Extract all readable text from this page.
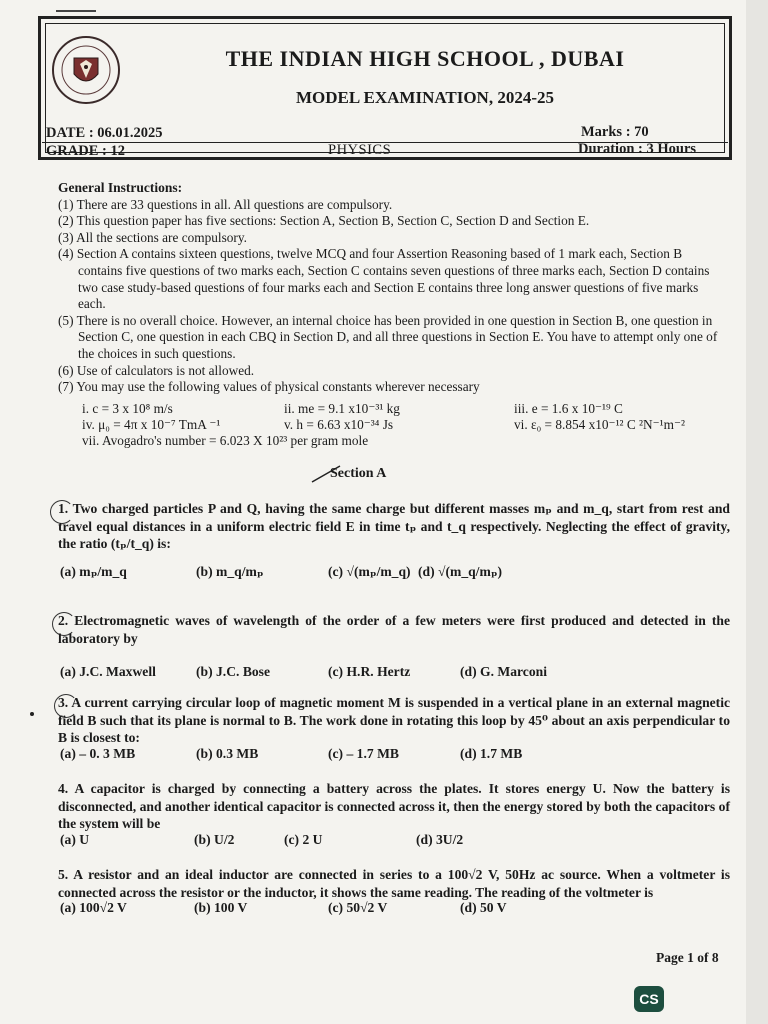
THE INDIAN HIGH SCHOOL , DUBAI
MODEL EXAMINATION, 2024-25
DATE : 06.01.2025
GRADE : 12	PHYSICS
Marks : 70
Duration : 3 Hours
General Instructions:
(1) There are 33 questions in all. All questions are compulsory.
(2) This question paper has five sections: Section A, Section B, Section C, Section D and Section E.
(3) All the sections are compulsory.
(4) Section A contains sixteen questions, twelve MCQ and four Assertion Reasoning based of 1 mark each, Section B contains five questions of two marks each, Section C contains seven questions of three marks each, Section D contains two case study-based questions of four marks each and Section E contains three long answer questions of five marks each.
(5) There is no overall choice. However, an internal choice has been provided in one question in Section B, one question in Section C, one question in each CBQ in Section D, and all three questions in Section E. You have to attempt only one of the choices in such questions.
(6) Use of calculators is not allowed.
(7) You may use the following values of physical constants wherever necessary
i. c = 3 x 10⁸ m/s	ii. me = 9.1 x10⁻³¹ kg	iii. e = 1.6 x 10⁻¹⁹ C
iv. μ₀ = 4π x 10⁻⁷ TmA ⁻¹	v. h = 6.63 x10⁻³⁴ Js	vi. ε₀ = 8.854 x10⁻¹² C ²N⁻¹m⁻²
vii. Avogadro's number = 6.023 X 10²³ per gram mole
Section A
1. Two charged particles P and Q, having the same charge but different masses mₚ and m_q, start from rest and travel equal distances in a uniform electric field E in time tₚ and t_q respectively. Neglecting the effect of gravity, the ratio (tₚ/t_q) is:
(a) mₚ/m_q	(b) m_q/mₚ	(c) √(mₚ/m_q) (d) √(m_q/mₚ)
2. Electromagnetic waves of wavelength of the order of a few meters were first produced and detected in the laboratory by
(a) J.C. Maxwell	(b) J.C. Bose	(c) H.R. Hertz	(d) G. Marconi
3. A current carrying circular loop of magnetic moment M is suspended in a vertical plane in an external magnetic field B such that its plane is normal to B. The work done in rotating this loop by 45⁰ about an axis perpendicular to B is closest to:
(a) – 0. 3 MB	(b) 0.3 MB	(c) – 1.7 MB	(d) 1.7 MB
4. A capacitor is charged by connecting a battery across the plates. It stores energy U. Now the battery is disconnected, and another identical capacitor is connected across it, then the energy stored by both the capacitors of the system will be
(a) U	(b) U/2	(c) 2 U	(d) 3U/2
5. A resistor and an ideal inductor are connected in series to a 100√2 V, 50Hz ac source. When a voltmeter is connected across the resistor or the inductor, it shows the same reading. The reading of the voltmeter is
(a) 100√2 V	(b) 100 V	(c) 50√2 V	(d) 50 V
Page 1 of 8
CS
